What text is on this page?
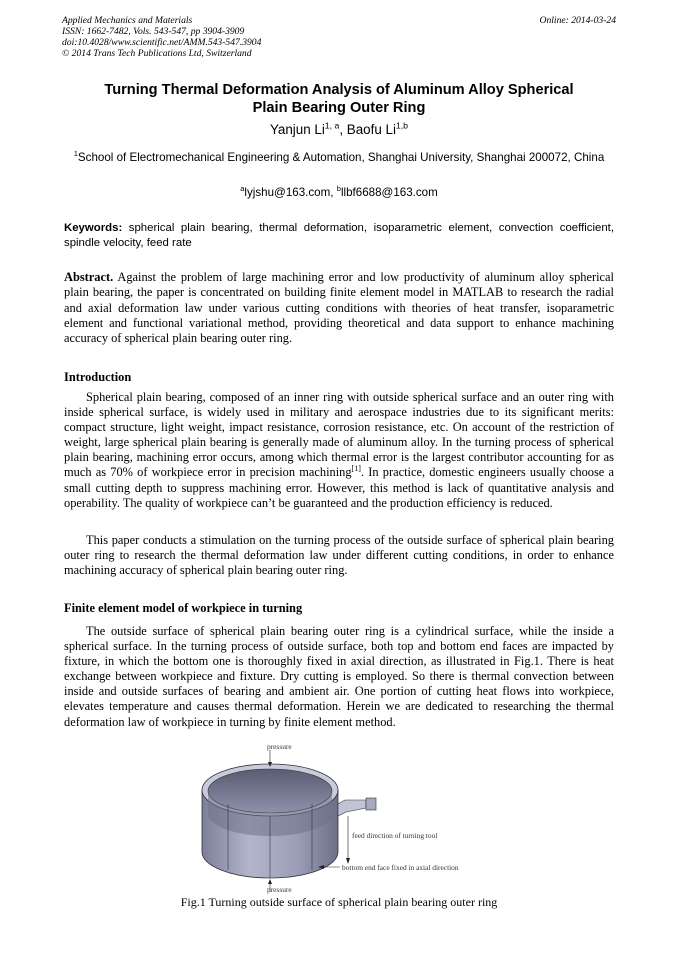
Applied Mechanics and Materials
ISSN: 1662-7482, Vols. 543-547, pp 3904-3909
doi:10.4028/www.scientific.net/AMM.543-547.3904
© 2014 Trans Tech Publications Ltd, Switzerland
Online: 2014-03-24
Turning Thermal Deformation Analysis of Aluminum Alloy Spherical
Plain Bearing Outer Ring
Yanjun Li$^{1, a}$, Baofu Li$^{1,b}$
$^1$School of Electromechanical Engineering & Automation, Shanghai University, Shanghai 200072, China
$^a$lyjshu@163.com, $^b$llbf6688@163.com
Keywords: spherical plain bearing, thermal deformation, isoparametric element, convection coefficient, spindle velocity, feed rate
Abstract. Against the problem of large machining error and low productivity of aluminum alloy spherical plain bearing, the paper is concentrated on building finite element model in MATLAB to research the radial and axial deformation law under various cutting conditions with theories of heat transfer, isoparametric element and functional variational method, providing theoretical and data support to enhance machining accuracy of spherical plain bearing outer ring.
Introduction
Spherical plain bearing, composed of an inner ring with outside spherical surface and an outer ring with inside spherical surface, is widely used in military and aerospace industries due to its significant merits: compact structure, light weight, impact resistance, corrosion resistance, etc. On account of the restriction of weight, large spherical plain bearing is generally made of aluminum alloy. In the turning process of spherical plain bearing, machining error occurs, among which thermal error is the largest contributor accounting for as much as 70% of workpiece error in precision machining[1]. In practice, domestic engineers usually choose a small cutting depth to suppress machining error. However, this method is lack of quantitative analysis and operability. The quality of workpiece can’t be guaranteed and the production efficiency is reduced.
This paper conducts a stimulation on the turning process of the outside surface of spherical plain bearing outer ring to research the thermal deformation law under different cutting conditions, in order to enhance machining accuracy of spherical plain bearing outer ring.
Finite element model of workpiece in turning
The outside surface of spherical plain bearing outer ring is a cylindrical surface, while the inside a spherical surface. In the turning process of outside surface, both top and bottom end faces are impacted by fixture, in which the bottom one is thoroughly fixed in axial direction, as illustrated in Fig.1. There is heat exchange between workpiece and fixture. Dry cutting is employed. So there is thermal convection between inside and outside surfaces of bearing and ambient air. One portion of cutting heat flows into workpiece, elevates temperature and causes thermal deformation. Herein we are dedicated to researching the thermal deformation law of workpiece in turning by finite element method.
pressure
feed direction of turning tool
bottom end face fixed in axial direction
pressure
Fig.1 Turning outside surface of spherical plain bearing outer ring
